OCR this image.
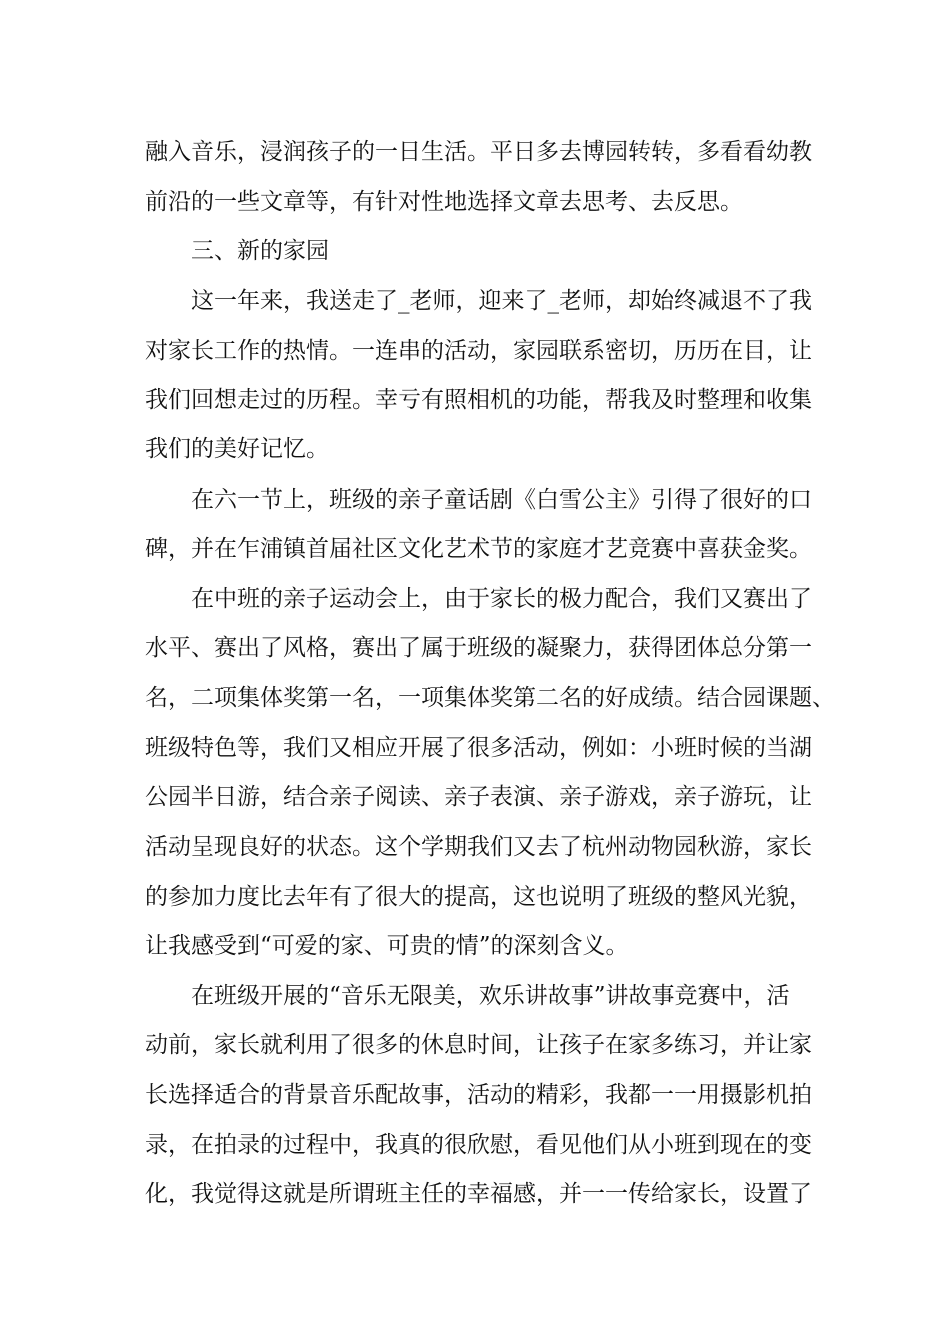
融入音乐，浸润孩子的一日生活。平日多去博园转转，多看看幼教
前沿的一些文章等，有针对性地选择文章去思考、去反思。
三、新的家园
这一年来，我送走了_老师，迎来了_老师，却始终减退不了我
对家长工作的热情。一连串的活动，家园联系密切，历历在目，让
我们回想走过的历程。幸亏有照相机的功能，帮我及时整理和收集
我们的美好记忆。
在六一节上，班级的亲子童话剧《白雪公主》引得了很好的口
碑，并在乍浦镇首届社区文化艺术节的家庭才艺竞赛中喜获金奖。
在中班的亲子运动会上，由于家长的极力配合，我们又赛出了
水平、赛出了风格，赛出了属于班级的凝聚力，获得团体总分第一
名，二项集体奖第一名，一项集体奖第二名的好成绩。结合园课题、
班级特色等，我们又相应开展了很多活动，例如：小班时候的当湖
公园半日游，结合亲子阅读、亲子表演、亲子游戏，亲子游玩，让
活动呈现良好的状态。这个学期我们又去了杭州动物园秋游，家长
的参加力度比去年有了很大的提高，这也说明了班级的整风光貌，
让我感受到“可爱的家、可贵的情”的深刻含义。
在班级开展的“音乐无限美，欢乐讲故事”讲故事竞赛中，活
动前，家长就利用了很多的休息时间，让孩子在家多练习，并让家
长选择适合的背景音乐配故事，活动的精彩，我都一一用摄影机拍
录，在拍录的过程中，我真的很欣慰，看见他们从小班到现在的变
化，我觉得这就是所谓班主任的幸福感，并一一传给家长，设置了
